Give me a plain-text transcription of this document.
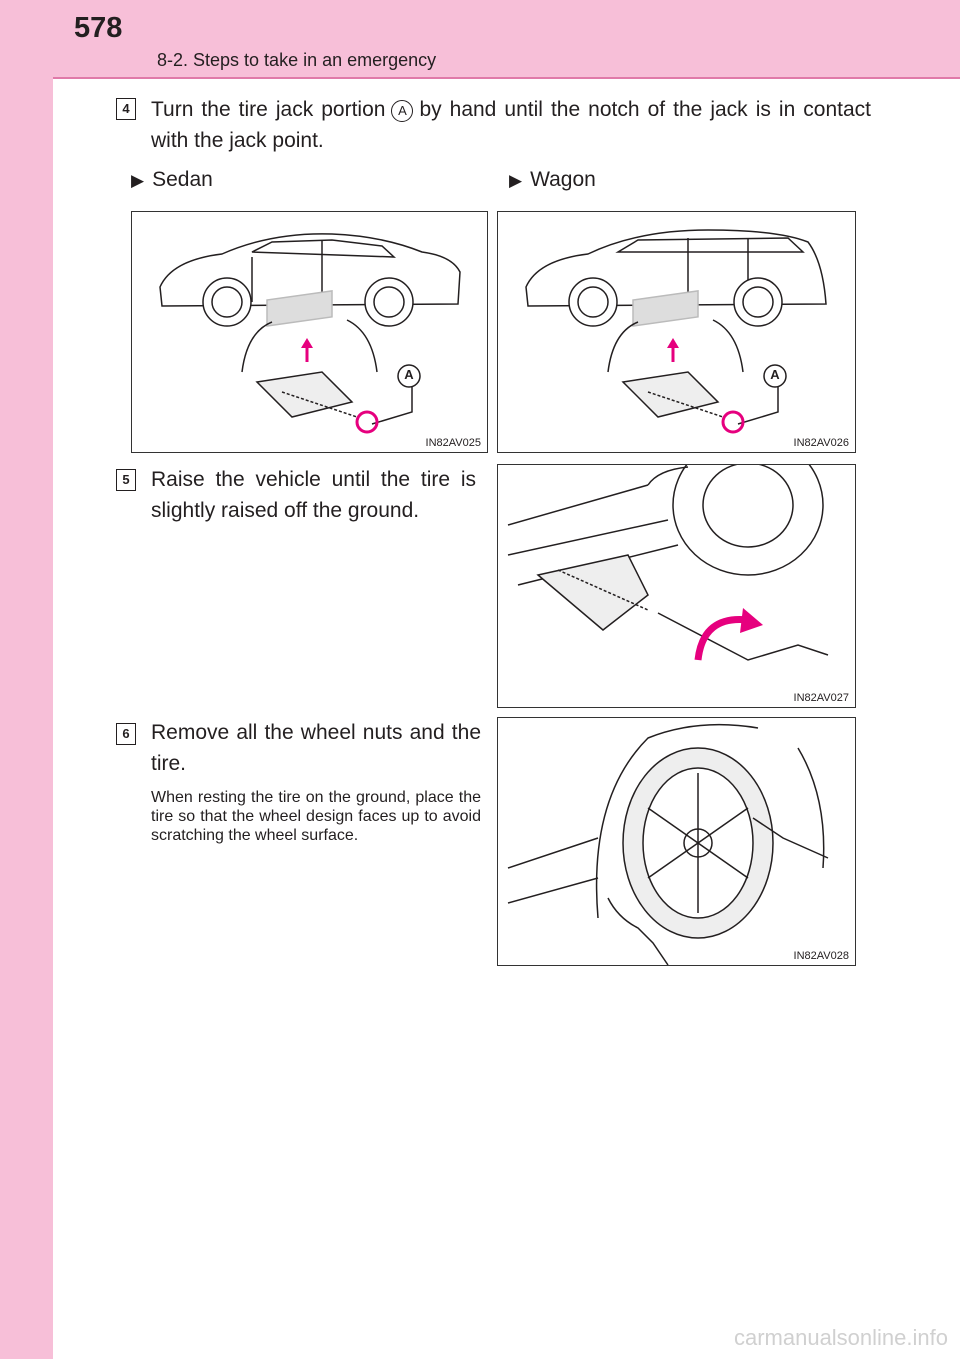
578
8-2. Steps to take in an emergency
4	Turn the tire jack portion A by hand until the notch of the jack is in contact with the jack point.
▶ Sedan	▶ Wagon
A
IN82AV025
A
IN82AV026
5	Raise the vehicle until the tire is slightly raised off the ground.
IN82AV027
6	Remove all the wheel nuts and the tire.
When resting the tire on the ground, place the tire so that the wheel design faces up to avoid scratching the wheel surface.
IN82AV028
carmanualsonline.info
